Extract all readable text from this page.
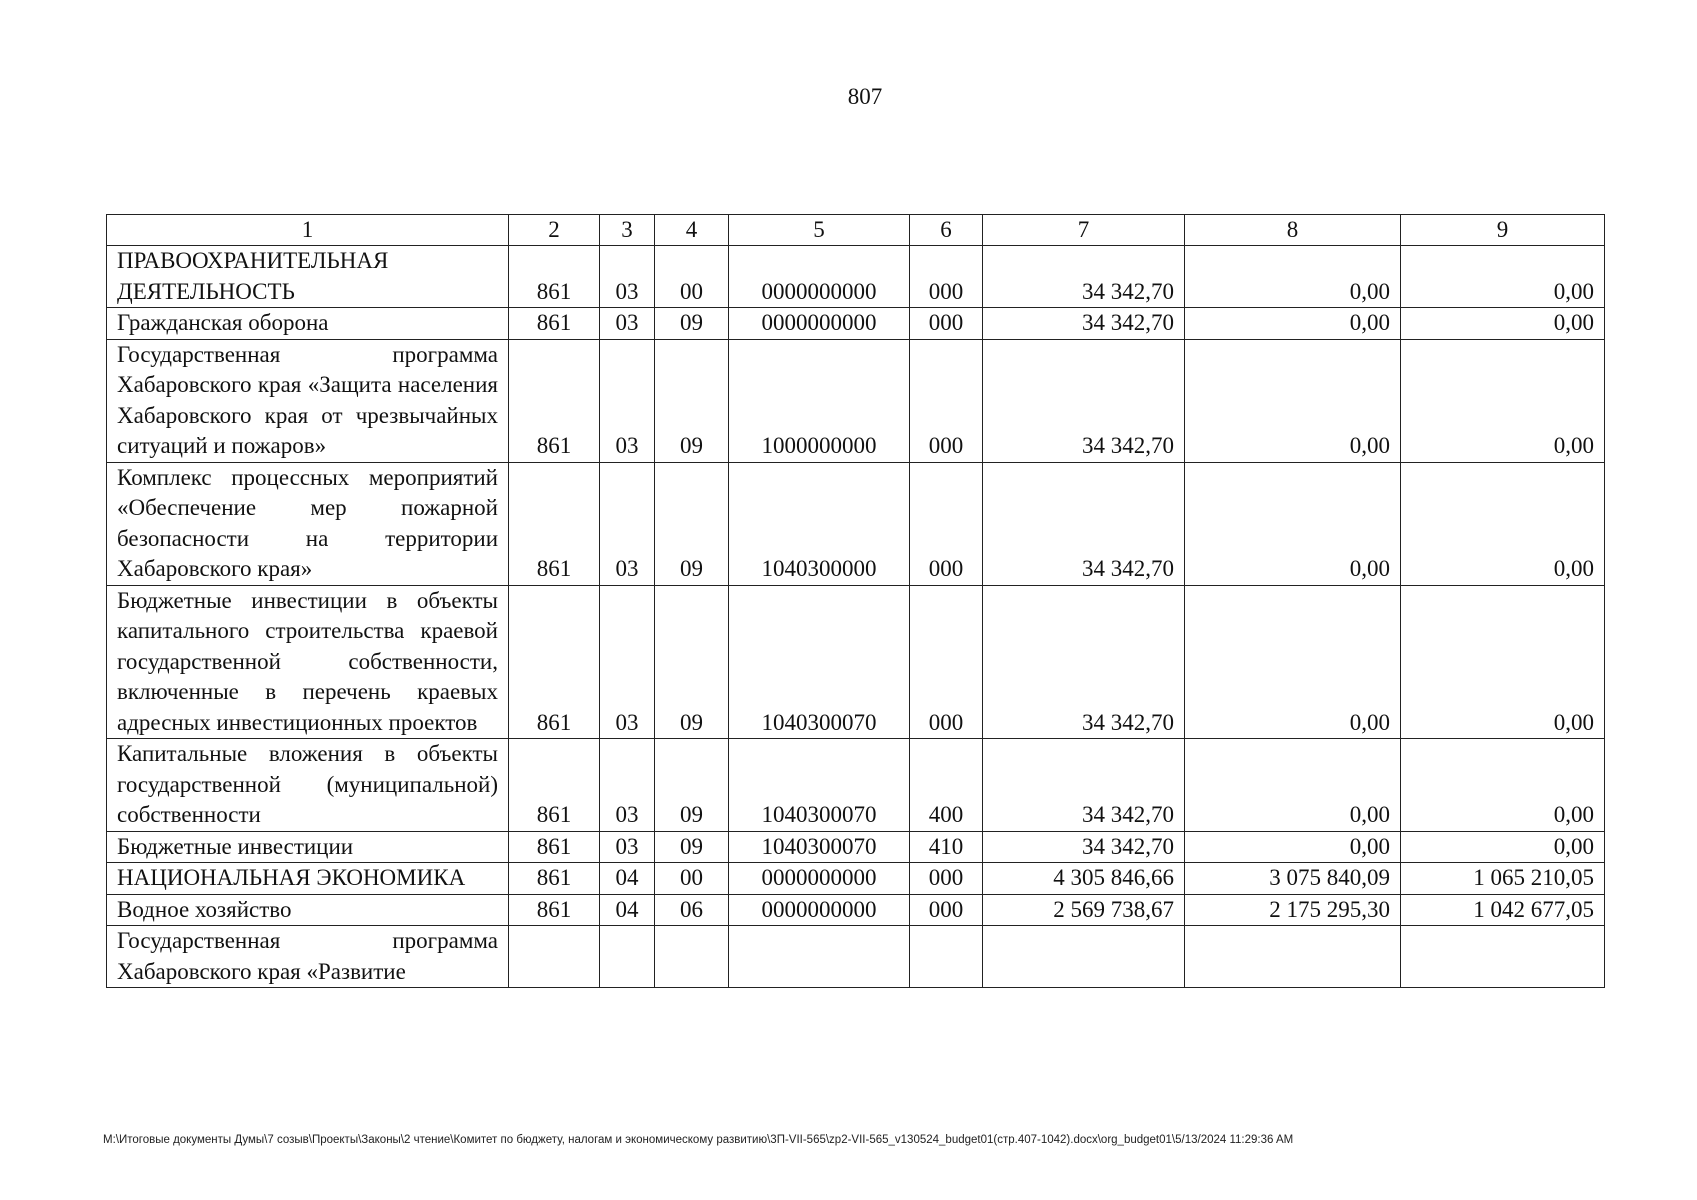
807
1	2	3	4	5	6	7	8	9
ПРАВООХРАНИТЕЛЬНАЯ ДЕЯТЕЛЬНОСТЬ	861	03	00	0000000000	000	34 342,70	0,00	0,00
Гражданская оборона	861	03	09	0000000000	000	34 342,70	0,00	0,00
Государственная программа Хабаровского края «Защита населения Хабаровского края от чрезвычайных ситуаций и пожаров»	861	03	09	1000000000	000	34 342,70	0,00	0,00
Комплекс процессных мероприятий «Обеспечение мер пожарной безопасности на территории Хабаровского края»	861	03	09	1040300000	000	34 342,70	0,00	0,00
Бюджетные инвестиции в объекты капитального строительства краевой государственной собственности, включенные в перечень краевых адресных инвестиционных проектов	861	03	09	1040300070	000	34 342,70	0,00	0,00
Капитальные вложения в объекты государственной (муниципальной) собственности	861	03	09	1040300070	400	34 342,70	0,00	0,00
Бюджетные инвестиции	861	03	09	1040300070	410	34 342,70	0,00	0,00
НАЦИОНАЛЬНАЯ ЭКОНОМИКА	861	04	00	0000000000	000	4 305 846,66	3 075 840,09	1 065 210,05
Водное хозяйство	861	04	06	0000000000	000	2 569 738,67	2 175 295,30	1 042 677,05
Государственная программа Хабаровского края «Развитие								
M:\Итоговые документы Думы\7 созыв\Проекты\Законы\2 чтение\Комитет по бюджету, налогам и экономическому развитию\3П-VII-565\zp2-VII-565_v130524_budget01(стр.407-1042).docx\org_budget01\5/13/2024 11:29:36 AM
